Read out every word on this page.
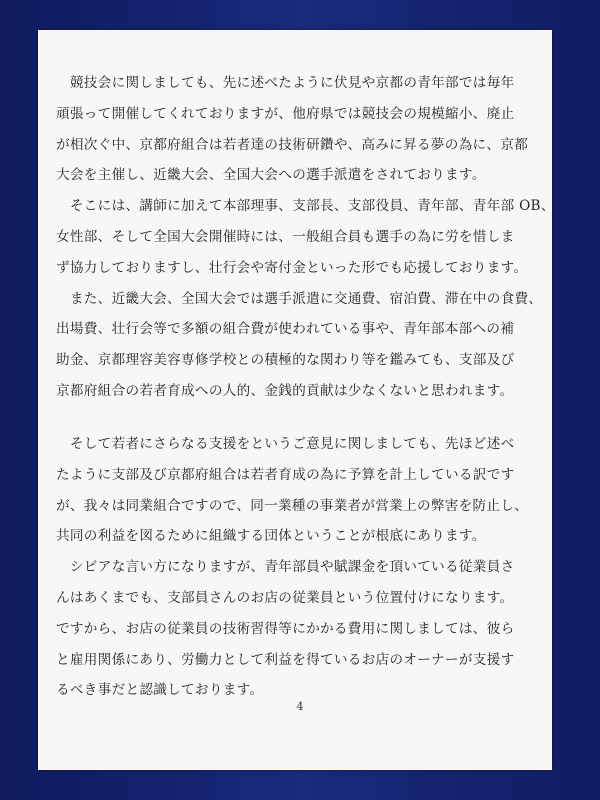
　競技会に関しましても、先に述べたように伏見や京都の青年部では毎年
頑張って開催してくれておりますが、他府県では競技会の規模縮小、廃止
が相次ぐ中、京都府組合は若者達の技術研鑽や、高みに昇る夢の為に、京都
大会を主催し、近畿大会、全国大会への選手派遣をされております。
　そこには、講師に加えて本部理事、支部長、支部役員、青年部、青年部 OB、
女性部、そして全国大会開催時には、一般組合員も選手の為に労を惜しま
ず協力しておりますし、壮行会や寄付金といった形でも応援しております。
　また、近畿大会、全国大会では選手派遣に交通費、宿泊費、滞在中の食費、
出場費、壮行会等で多額の組合費が使われている事や、青年部本部への補
助金、京都理容美容専修学校との積極的な関わり等を鑑みても、支部及び
京都府組合の若者育成への人的、金銭的貢献は少なくないと思われます。
　そして若者にさらなる支援をというご意見に関しましても、先ほど述べ
たように支部及び京都府組合は若者育成の為に予算を計上している訳です
が、我々は同業組合ですので、同一業種の事業者が営業上の弊害を防止し、
共同の利益を図るために組織する団体ということが根底にあります。
　シビアな言い方になりますが、青年部員や賦課金を頂いている従業員さ
んはあくまでも、支部員さんのお店の従業員という位置付けになります。
ですから、お店の従業員の技術習得等にかかる費用に関しましては、彼ら
と雇用関係にあり、労働力として利益を得ているお店のオーナーが支援す
るべき事だと認識しております。
4
